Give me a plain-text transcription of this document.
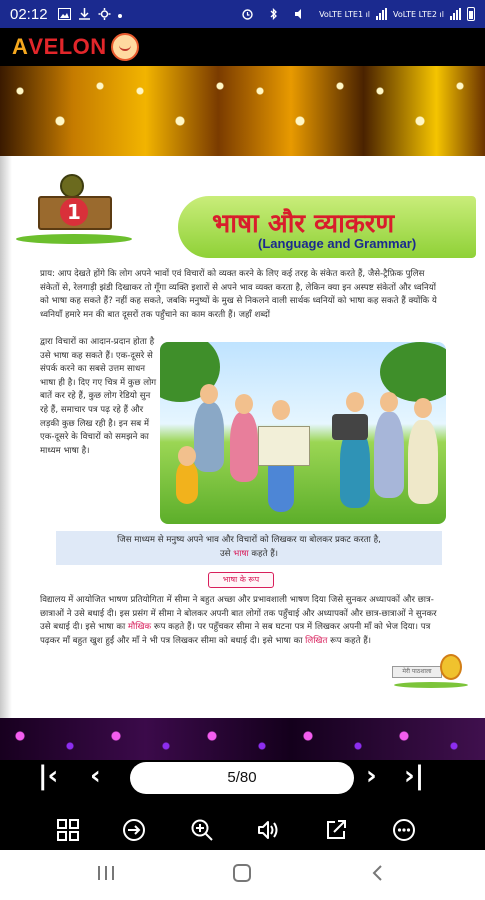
02:12	VoLTE LTE1 ıl	VoLTE LTE2 ıl
A VELON
1	भाषा और व्याकरण
(Language and Grammar)

प्राय: आप देखते होंगे कि लोग अपने भावों एवं विचारों को व्यक्त करने के लिए कई तरह के संकेत करते हैं, जैसे-ट्रैफ़िक पुलिस संकेतों से, रेलगाड़ी झंडी दिखाकर तो गूँगा व्यक्ति इशारों से अपने भाव व्यक्त करता है, लेकिन क्या इन अस्पष्ट संकेतों और ध्वनियों को भाषा कह सकते हैं? नहीं कह सकते, जबकि मनुष्यों के मुख से निकलने वाली सार्थक ध्वनियों को भाषा कह सकते हैं क्योंकि ये ध्वनियाँ हमारे मन की बात दूसरों तक पहुँचाने का काम करती हैं। जहाँ शब्दों

द्वारा विचारों का आदान-प्रदान होता है उसे भाषा कह सकते हैं। एक-दूसरे से संपर्क करने का सबसे उत्तम साधन भाषा ही है। दिए गए चित्र में कुछ लोग बातें कर रहे हैं, कुछ लोग रेडियो सुन रहे हैं, समाचार पत्र पढ़ रहे हैं और लड़की कुछ लिख रही है। इन सब में एक-दूसरे के विचारों को समझने का माध्यम भाषा है।

जिस माध्यम से मनुष्य अपने भाव और विचारों को लिखकर या बोलकर प्रकट करता है,
उसे भाषा कहते हैं।
भाषा के रूप

विद्यालय में आयोजित भाषण प्रतियोगिता में सीमा ने बहुत अच्छा और प्रभावशाली भाषण दिया जिसे सुनकर अध्यापकों और छात्र-छात्राओं ने उसे बधाई दी। इस प्रसंग में सीमा ने बोलकर अपनी बात लोगों तक पहुँचाई और अध्यापकों और छात्र-छात्राओं ने सुनकर उसे बधाई दी। इसे भाषा का मौखिक रूप कहते हैं। पर पहुँचकर सीमा ने सब घटना पत्र में लिखकर अपनी माँ को भेज दिया। पत्र पढ़कर माँ बहुत खुश हुईं और माँ ने भी पत्र लिखकर सीमा को बधाई दी। इसे भाषा का लिखित रूप कहते हैं।

मेरी पाठशाला
|‹ ‹	5/80	› ›|
